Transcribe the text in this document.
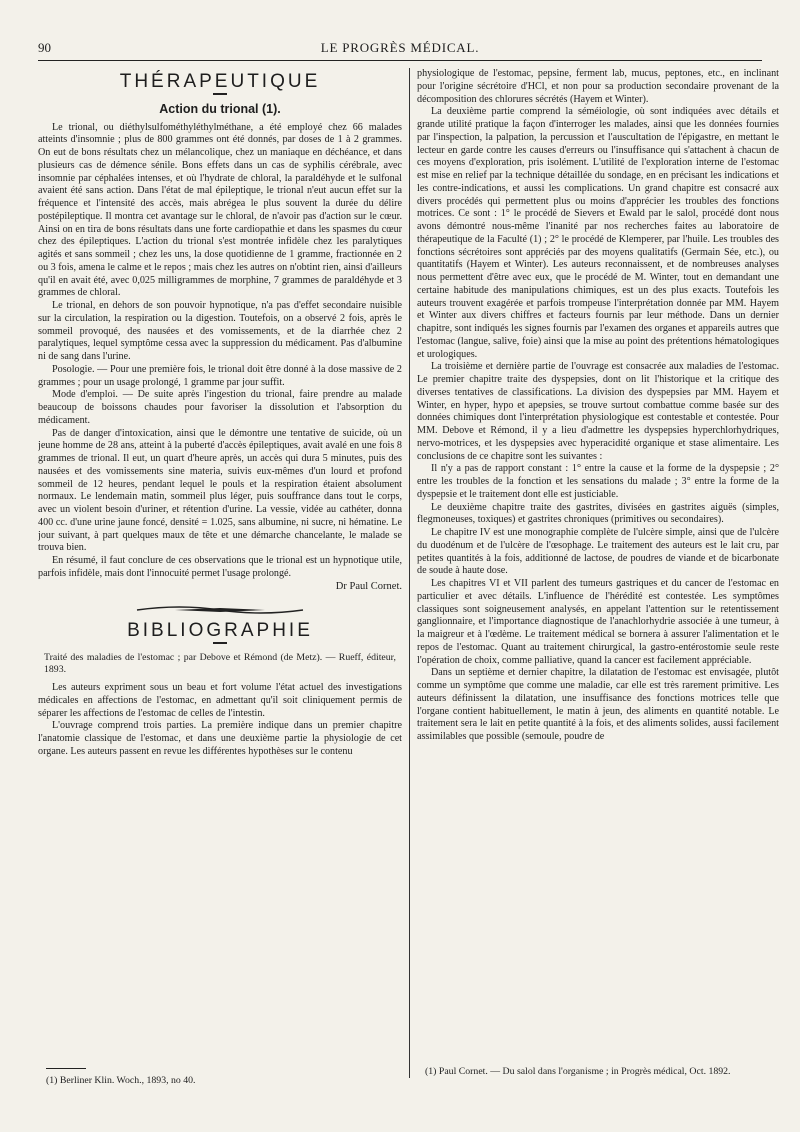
90	LE PROGRÈS MÉDICAL.
THÉRAPEUTIQUE
Action du trional (1).

Le trional, ou diéthylsulfométhyléthylméthane, a été employé chez 66 malades atteints d'insomnie ; plus de 800 grammes ont été donnés, par doses de 1 à 2 grammes. On eut de bons résultats chez un mélancolique, chez un maniaque en déchéance, et dans plusieurs cas de démence sénile. Bons effets dans un cas de syphilis cérébrale, avec insomnie par céphalées intenses, et où l'hydrate de chloral, la paraldéhyde et le sulfonal avaient été sans action. Dans l'état de mal épileptique, le trional n'eut aucun effet sur la fréquence et l'intensité des accès, mais abrégea le plus souvent la durée du délire postépileptique. Il montra cet avantage sur le chloral, de n'avoir pas d'action sur le cœur. Ainsi on en tira de bons résultats dans une forte cardiopathie et dans les spasmes du cœur chez des épileptiques. L'action du trional s'est montrée infidèle chez les paralytiques agités et sans sommeil ; chez les uns, la dose quotidienne de 1 gramme, fractionnée en 2 ou 3 fois, amena le calme et le repos ; mais chez les autres on n'obtint rien, ainsi d'ailleurs qu'il en avait été, avec 0,025 milligrammes de morphine, 7 grammes de paraldéhyde et 3 grammes de chloral.

Le trional, en dehors de son pouvoir hypnotique, n'a pas d'effet secondaire nuisible sur la circulation, la respiration ou la digestion. Toutefois, on a observé 2 fois, après le sommeil provoqué, des nausées et des vomissements, et de la diarrhée chez 2 paralytiques, lequel symptôme cessa avec la suppression du médicament. Pas d'albumine ni de sang dans l'urine.

Posologie. — Pour une première fois, le trional doit être donné à la dose massive de 2 grammes ; pour un usage prolongé, 1 gramme par jour suffit.

Mode d'emploi. — De suite après l'ingestion du trional, faire prendre au malade beaucoup de boissons chaudes pour favoriser la dissolution et l'absorption du médicament.

Pas de danger d'intoxication, ainsi que le démontre une tentative de suicide, où un jeune homme de 28 ans, atteint à la puberté d'accès épileptiques, avait avalé en une fois 8 grammes de trional. Il eut, un quart d'heure après, un accès qui dura 5 minutes, puis des nausées et des vomissements sine materia, suivis eux-mêmes d'un lourd et profond sommeil de 12 heures, pendant lequel le pouls et la respiration étaient absolument normaux. Le lendemain matin, sommeil plus léger, puis souffrance dans tout le corps, avec un violent besoin d'uriner, et rétention d'urine. La vessie, vidée au cathéter, donna 400 cc. d'une urine jaune foncé, densité = 1.025, sans albumine, ni sucre, ni hématine. Le jour suivant, à part quelques maux de tête et une démarche chancelante, le malade se trouva bien.

En résumé, il faut conclure de ces observations que le trional est un hypnotique utile, parfois infidèle, mais dont l'innocuité permet l'usage prolongé.

Dr Paul Cornet.
BIBLIOGRAPHIE

Traité des maladies de l'estomac ; par Debove et Rémond (de Metz). — Rueff, éditeur, 1893.

Les auteurs expriment sous un beau et fort volume l'état actuel des investigations médicales en affections de l'estomac, en admettant qu'il soit cliniquement permis de séparer les affections de l'estomac de celles de l'intestin.

L'ouvrage comprend trois parties. La première indique dans un premier chapitre l'anatomie classique de l'estomac, et dans une deuxième partie la physiologie de cet organe. Les auteurs passent en revue les différentes hypothèses sur le contenu

physiologique de l'estomac, pepsine, ferment lab, mucus, peptones, etc., en inclinant pour l'origine sécrétoire d'HCl, et non pour sa production secondaire provenant de la décomposition des chlorures sécrétés (Hayem et Winter).

La deuxième partie comprend la séméiologie, où sont indiquées avec détails et grande utilité pratique la façon d'interroger les malades, ainsi que les données fournies par l'inspection, la palpation, la percussion et l'auscultation de l'épigastre, en mettant le lecteur en garde contre les causes d'erreurs ou l'insuffisance qui s'attachent à chacun de ces moyens d'exploration, pris isolément. L'utilité de l'exploration interne de l'estomac est mise en relief par la technique détaillée du sondage, en en précisant les indications et les contre-indications, et aussi les complications. Un grand chapitre est consacré aux divers procédés qui permettent plus ou moins d'apprécier les troubles des fonctions motrices. Ce sont : 1° le procédé de Sievers et Ewald par le salol, procédé dont nous avons démontré nous-même l'inanité par nos recherches faites au laboratoire de thérapeutique de la Faculté (1) ; 2° le procédé de Klemperer, par l'huile. Les troubles des fonctions sécrétoires sont appréciés par des moyens qualitatifs (Germain Sée, etc.), ou quantitatifs (Hayem et Winter). Les auteurs reconnaissent, et de nombreuses analyses nous permettent d'être avec eux, que le procédé de M. Winter, tout en demandant une certaine habitude des manipulations chimiques, est un des plus exacts. Toutefois les auteurs trouvent exagérée et parfois trompeuse l'interprétation donnée par MM. Hayem et Winter aux divers chiffres et facteurs fournis par leur méthode. Dans un dernier chapitre, sont indiqués les signes fournis par l'examen des organes et appareils autres que l'estomac (langue, salive, foie) ainsi que la mise au point des prétentions hématologiques et urologiques.

La troisième et dernière partie de l'ouvrage est consacrée aux maladies de l'estomac. Le premier chapitre traite des dyspepsies, dont on lit l'historique et la critique des diverses tentatives de classifications. La division des dyspepsies par MM. Hayem et Winter, en hyper, hypo et apepsies, se trouve surtout combattue comme basée sur des données chimiques dont l'interprétation physiologique est contestable et contestée. Pour MM. Debove et Rémond, il y a lieu d'admettre les dyspepsies hyperchlorhydriques, nervo-motrices, et les dyspepsies avec hyperacidité organique et stase alimentaire. Les conclusions de ce chapitre sont les suivantes :

Il n'y a pas de rapport constant : 1° entre la cause et la forme de la dyspepsie ; 2° entre les troubles de la fonction et les sensations du malade ; 3° entre la forme de la dyspepsie et le traitement dont elle est justiciable.

Le deuxième chapitre traite des gastrites, divisées en gastrites aiguës (simples, flegmoneuses, toxiques) et gastrites chroniques (primitives ou secondaires).

Le chapitre IV est une monographie complète de l'ulcère simple, ainsi que de l'ulcère du duodénum et de l'ulcère de l'œsophage. Le traitement des auteurs est le lait cru, par petites quantités à la fois, additionné de lactose, de poudres de viande et de bicarbonate de soude à haute dose.

Les chapitres VI et VII parlent des tumeurs gastriques et du cancer de l'estomac en particulier et avec détails. L'influence de l'hérédité est contestée. Les symptômes classiques sont soigneusement analysés, en appelant l'attention sur le retentissement ganglionnaire, et l'importance diagnostique de l'anachlorhydrie associée à une tumeur, à la maigreur et à l'œdème. Le traitement médical se bornera à assurer l'alimentation et le repos de l'estomac. Quant au traitement chirurgical, la gastro-entérostomie seule reste l'opération de choix, comme palliative, quand la cancer est facilement appréciable.

Dans un septième et dernier chapitre, la dilatation de l'estomac est envisagée, plutôt comme un symptôme que comme une maladie, car elle est très rarement primitive. Les auteurs définissent la dilatation, une insuffisance des fonctions motrices telle que l'organe contient habituellement, le matin à jeun, des aliments en quantité notable. Le traitement sera le lait en petite quantité à la fois, et des aliments solides, aussi facilement assimilables que possible (semoule, poudre de

(1) Berliner Klin. Woch., 1893, no 40.
(1) Paul Cornet. — Du salol dans l'organisme ; in Progrès médical, Oct. 1892.
